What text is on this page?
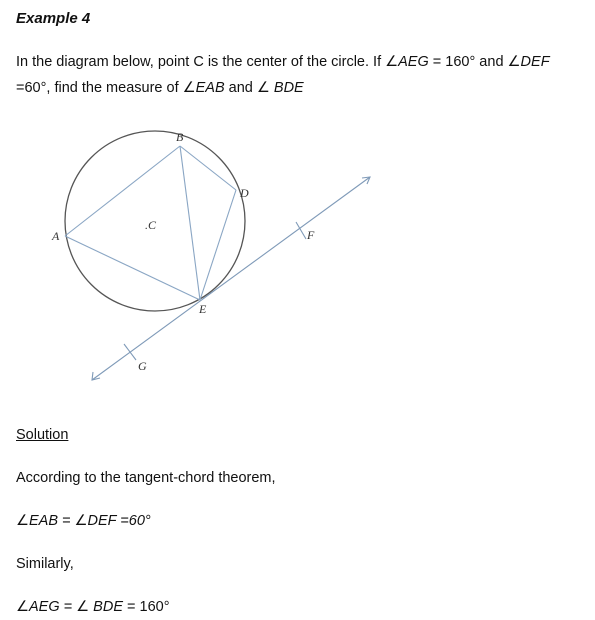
Example 4

In the diagram below, point C is the center of the circle. If ∠AEG = 160° and ∠DEF

=60°, find the measure of ∠EAB and ∠ BDE

A
B
.C
D
E
F
G

Solution

According to the tangent-chord theorem,

∠EAB = ∠DEF =60°

Similarly,

∠AEG = ∠ BDE = 160°
